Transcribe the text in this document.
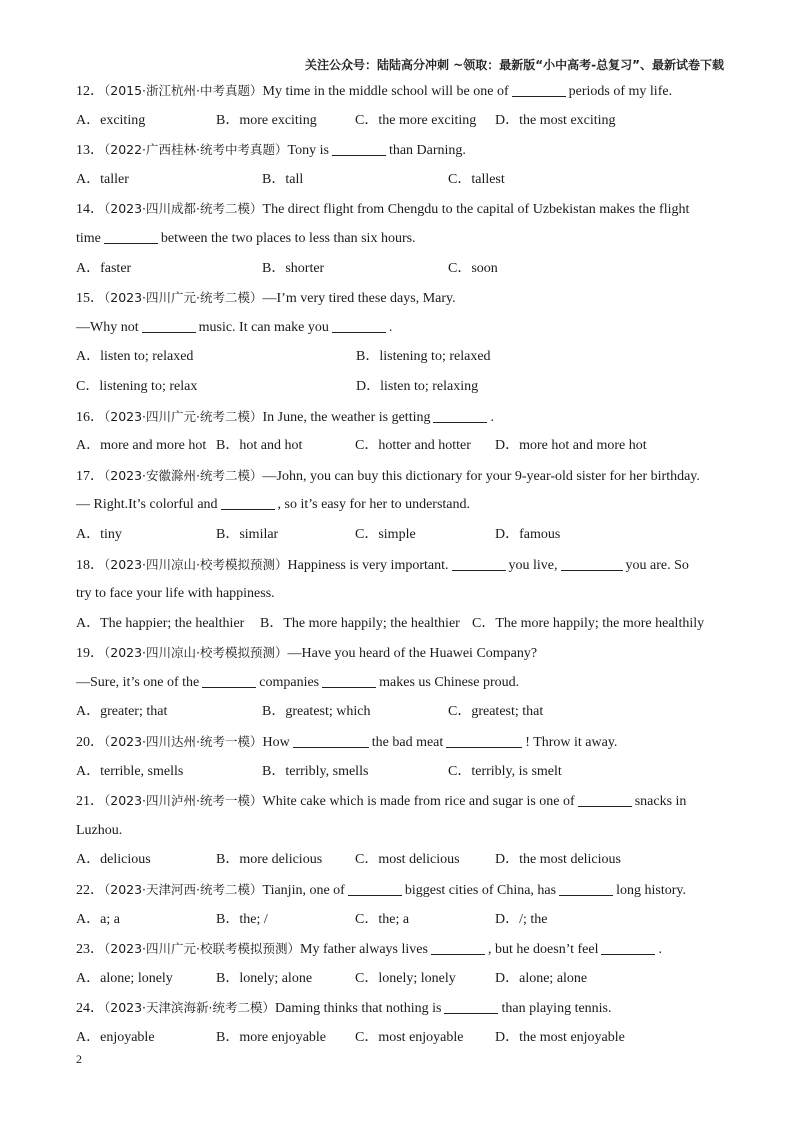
关注公众号：陆陆高分冲刺 ~领取：最新版“小中高考-总复习”、最新试卷下载
12．（2015·浙江杭州·中考真题）My time in the middle school will be one of	periods of my life.
A．exciting	B．more exciting	C．the more exciting	D．the most exciting
13．（2022·广西桂林·统考中考真题）Tony is	than Darning.
A．taller	B．tall	C．tallest
14．（2023·四川成都·统考二模）The direct flight from Chengdu to the capital of Uzbekistan makes the flight
time	between the two places to less than six hours.
A．faster	B．shorter	C．soon
15．（2023·四川广元·统考二模）—I’m very tired these days, Mary.
—Why not	music. It can make you	.
A．listen to; relaxed	B．listening to; relaxed
C．listening to; relax	D．listen to; relaxing
16．（2023·四川广元·统考二模）In June, the weather is getting	.
A．more and more hot B．hot and hot	C．hotter and hotter	D．more hot and more hot
17．（2023·安徽滁州·统考二模）—John, you can buy this dictionary for your 9-year-old sister for her birthday.
— Right.It’s colorful and	, so it’s easy for her to understand.
A．tiny	B．similar	C．simple	D．famous
18．（2023·四川凉山·校考模拟预测）Happiness is very important.	you live,	you are. So
try to face your life with happiness.
A．The happier; the healthier	B．The more happily; the healthier C．The more happily; the more healthily
19．（2023·四川凉山·校考模拟预测）—Have you heard of the Huawei Company?
—Sure, it’s one of the	companies	makes us Chinese proud.
A．greater; that	B．greatest; which	C．greatest; that
20．（2023·四川达州·统考一模）How	the bad meat	! Throw it away.
A．terrible, smells	B．terribly, smells	C．terribly, is smelt
21．（2023·四川泸州·统考一模）White cake which is made from rice and sugar is one of	snacks in
Luzhou.
A．delicious	B．more delicious	C．most delicious	D．the most delicious
22．（2023·天津河西·统考二模）Tianjin, one of	biggest cities of China, has	long history.
A．a; a	B．the; /	C．the; a	D．/; the
23．（2023·四川广元·校联考模拟预测）My father always lives	, but he doesn’t feel	.
A．alone; lonely	B．lonely; alone	C．lonely; lonely	D．alone; alone
24．（2023·天津滨海新·统考二模）Daming thinks that nothing is	than playing tennis.
A．enjoyable	B．more enjoyable	C．most enjoyable	D．the most enjoyable
2
